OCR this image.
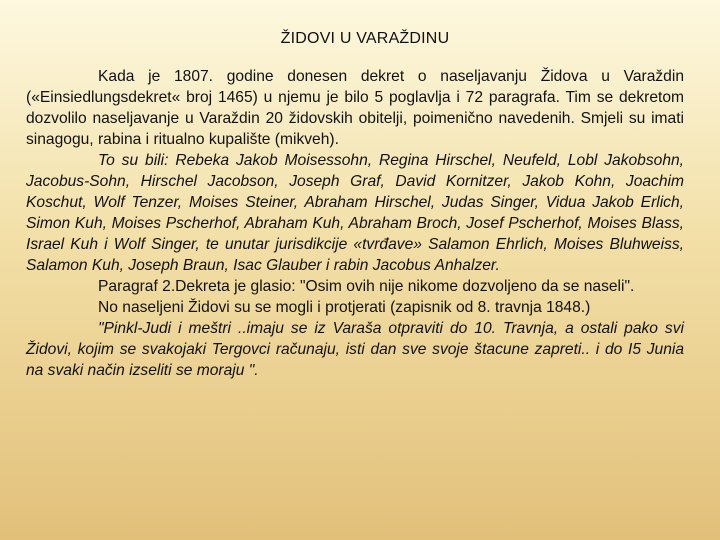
ŽIDOVI U VARAŽDINU

Kada je 1807. godine donesen dekret o naseljavanju Židova u Varaždin («Einsiedlungsdekret« broj 1465) u njemu je bilo 5 poglavlja i 72 paragrafa. Tim se dekretom dozvolilo naseljavanje u Varaždin 20 židovskih obitelji, poimenično navedenih. Smjeli su imati sinagogu, rabina i ritualno kupalište (mikveh).

To su bili: Rebeka Jakob Moisessohn, Regina Hirschel, Neufeld, Lobl Jakobsohn, Jacobus-Sohn, Hirschel Jacobson, Joseph Graf, David Kornitzer, Jakob Kohn, Joachim Koschut, Wolf Tenzer, Moises Steiner, Abraham Hirschel, Judas Singer, Vidua Jakob Erlich, Simon Kuh, Moises Pscherhof, Abraham Kuh, Abraham Broch, Josef Pscherhof, Moises Blass, Israel Kuh i Wolf Singer, te unutar jurisdikcije «tvrđave» Salamon Ehrlich, Moises Bluhweiss, Salamon Kuh, Joseph Braun, Isac Glauber i rabin Jacobus Anhalzer.

Paragraf 2.Dekreta je glasio: "Osim ovih nije nikome dozvoljeno da se naseli".

No naseljeni Židovi su se mogli i protjerati (zapisnik od 8. travnja 1848.)

"Pinkl-Judi i meštri ..imaju se iz Varaša otpraviti do 10. Travnja, a ostali pako svi Židovi, kojim se svakojaki Tergovci računaju, isti dan sve svoje štacune zapreti.. i do I5 Junia na svaki način izseliti se moraju ".
